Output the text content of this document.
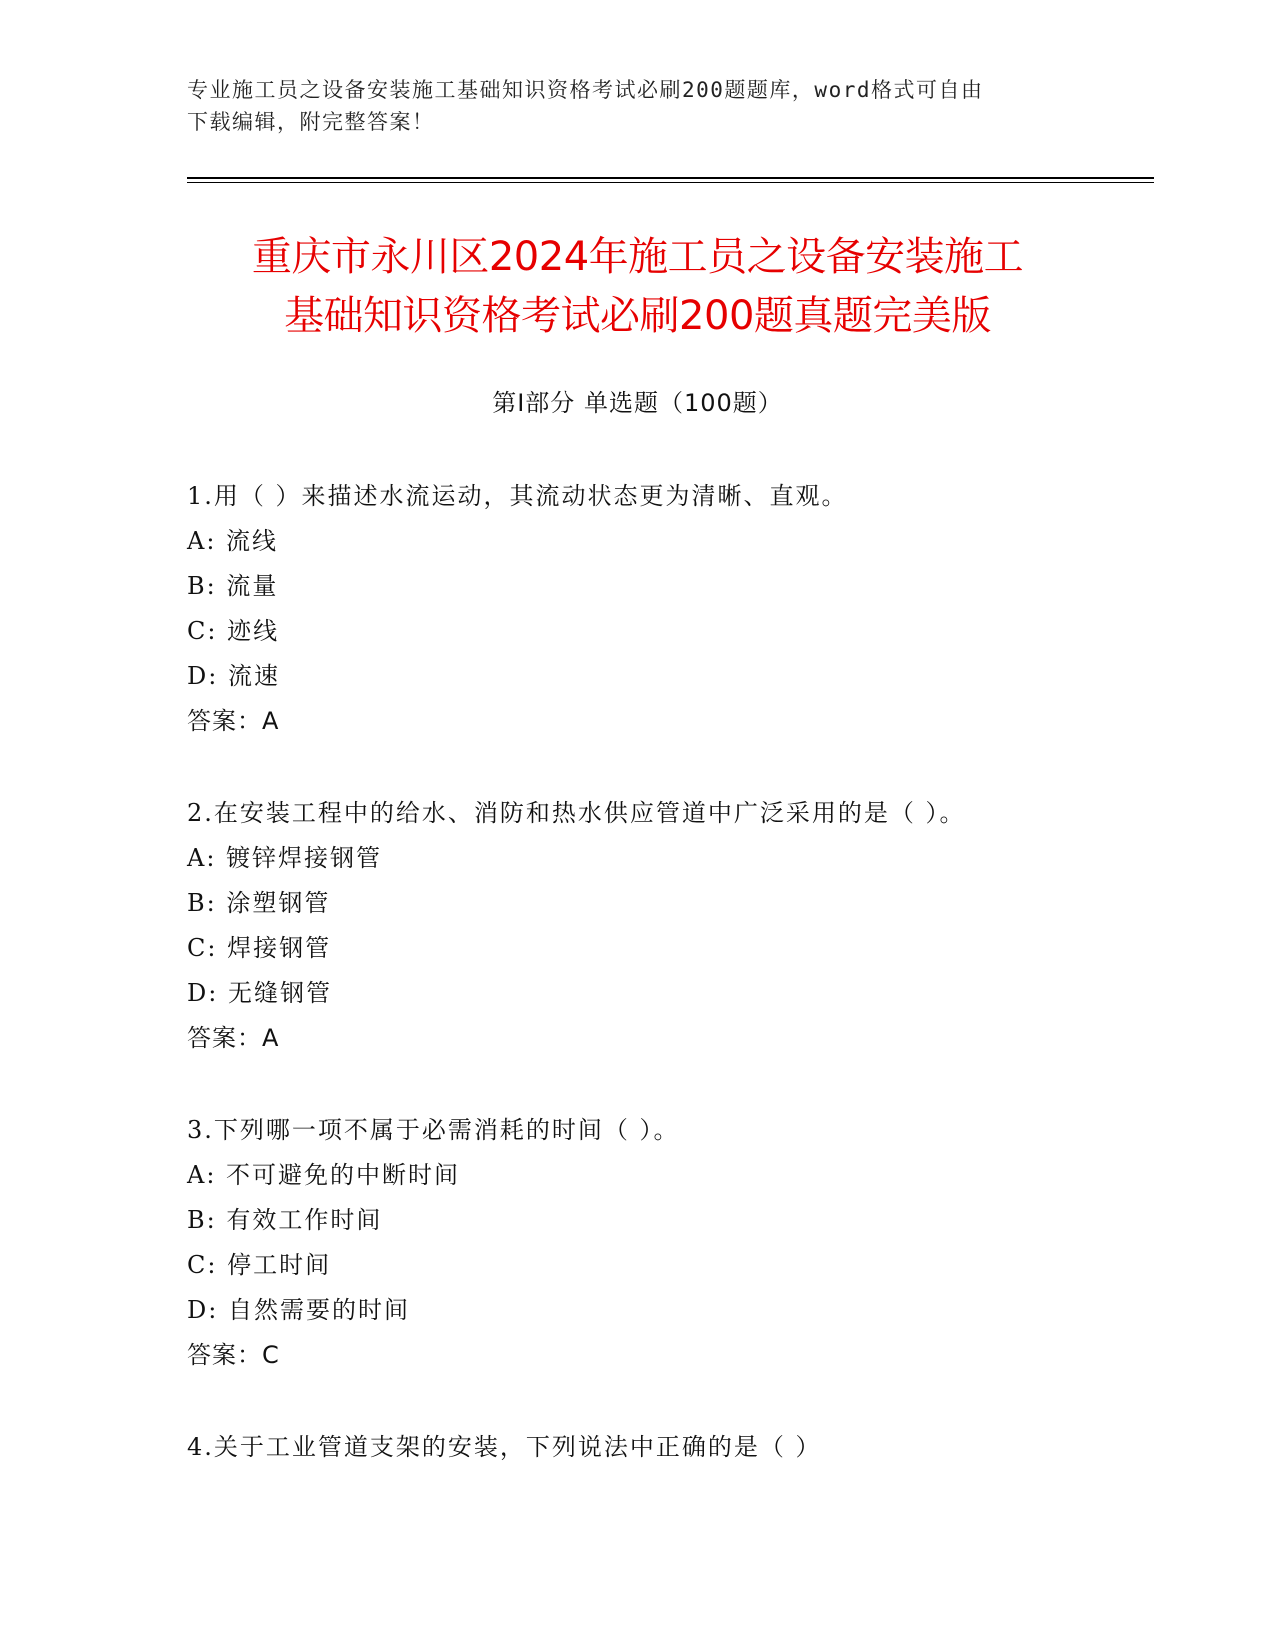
专业施工员之设备安装施工基础知识资格考试必刷200题题库，word格式可自由
下载编辑，附完整答案！
重庆市永川区2024年施工员之设备安装施工
基础知识资格考试必刷200题真题完美版
第Ⅰ部分 单选题（100题）
1.用（ ）来描述水流运动，其流动状态更为清晰、直观。
A: 流线
B: 流量
C: 迹线
D: 流速
答案：A
2.在安装工程中的给水、消防和热水供应管道中广泛采用的是（ ）。
A: 镀锌焊接钢管
B: 涂塑钢管
C: 焊接钢管
D: 无缝钢管
答案：A
3.下列哪一项不属于必需消耗的时间（ ）。
A: 不可避免的中断时间
B: 有效工作时间
C: 停工时间
D: 自然需要的时间
答案：C
4.关于工业管道支架的安装，下列说法中正确的是（ ）
